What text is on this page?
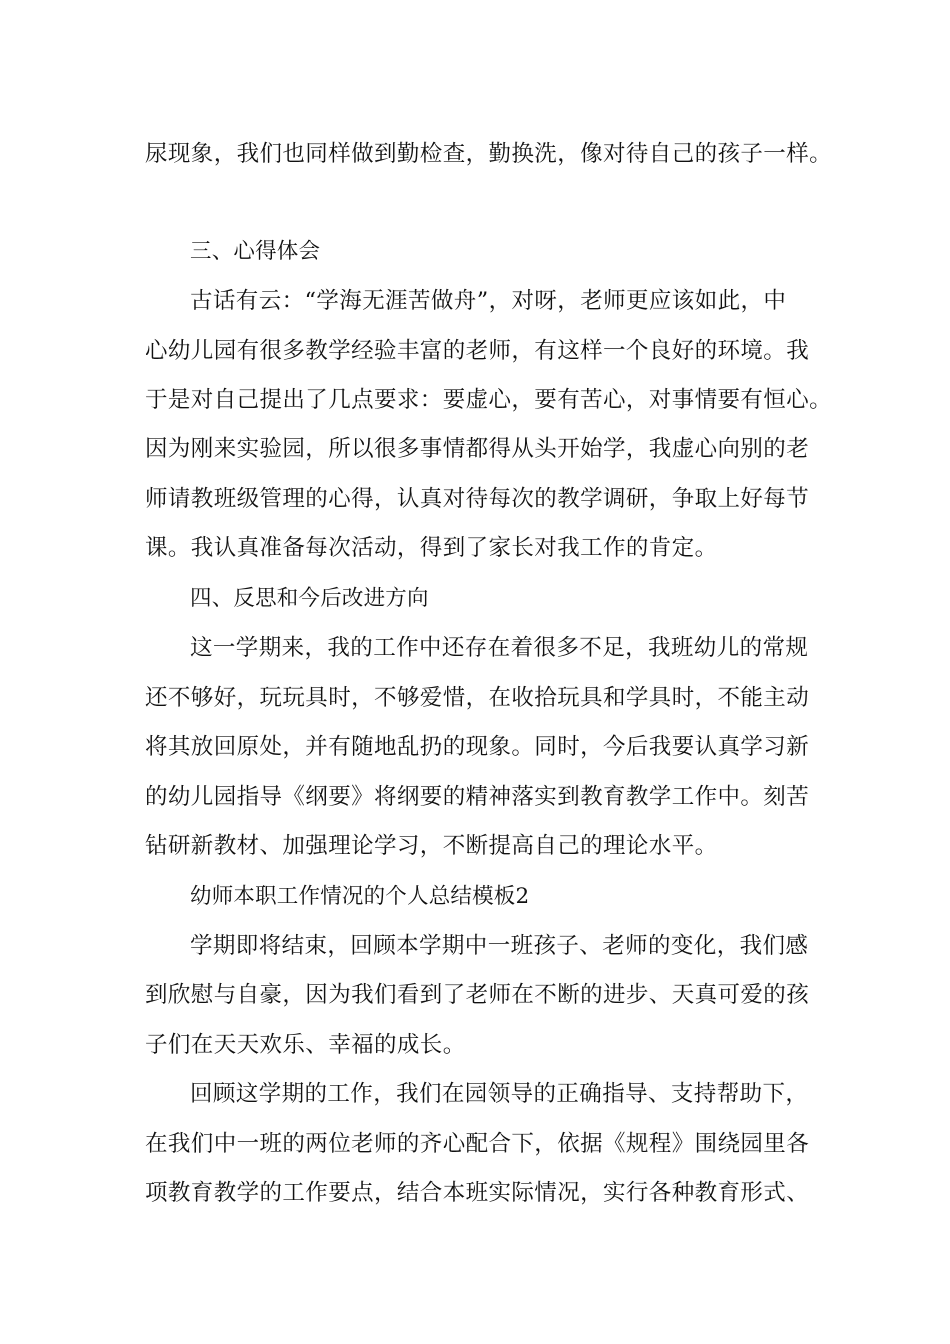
尿现象，我们也同样做到勤检查，勤换洗，像对待自己的孩子一样。
三、心得体会
古话有云：“学海无涯苦做舟”，对呀，老师更应该如此，中
心幼儿园有很多教学经验丰富的老师，有这样一个良好的环境。我
于是对自己提出了几点要求：要虚心，要有苦心，对事情要有恒心。
因为刚来实验园，所以很多事情都得从头开始学，我虚心向别的老
师请教班级管理的心得，认真对待每次的教学调研，争取上好每节
课。我认真准备每次活动，得到了家长对我工作的肯定。
四、反思和今后改进方向
这一学期来，我的工作中还存在着很多不足，我班幼儿的常规
还不够好，玩玩具时，不够爱惜，在收拾玩具和学具时，不能主动
将其放回原处，并有随地乱扔的现象。同时，今后我要认真学习新
的幼儿园指导《纲要》将纲要的精神落实到教育教学工作中。刻苦
钻研新教材、加强理论学习，不断提高自己的理论水平。
幼师本职工作情况的个人总结模板2
学期即将结束，回顾本学期中一班孩子、老师的变化，我们感
到欣慰与自豪，因为我们看到了老师在不断的进步、天真可爱的孩
子们在天天欢乐、幸福的成长。
回顾这学期的工作，我们在园领导的正确指导、支持帮助下，
在我们中一班的两位老师的齐心配合下，依据《规程》围绕园里各
项教育教学的工作要点，结合本班实际情况，实行各种教育形式、
